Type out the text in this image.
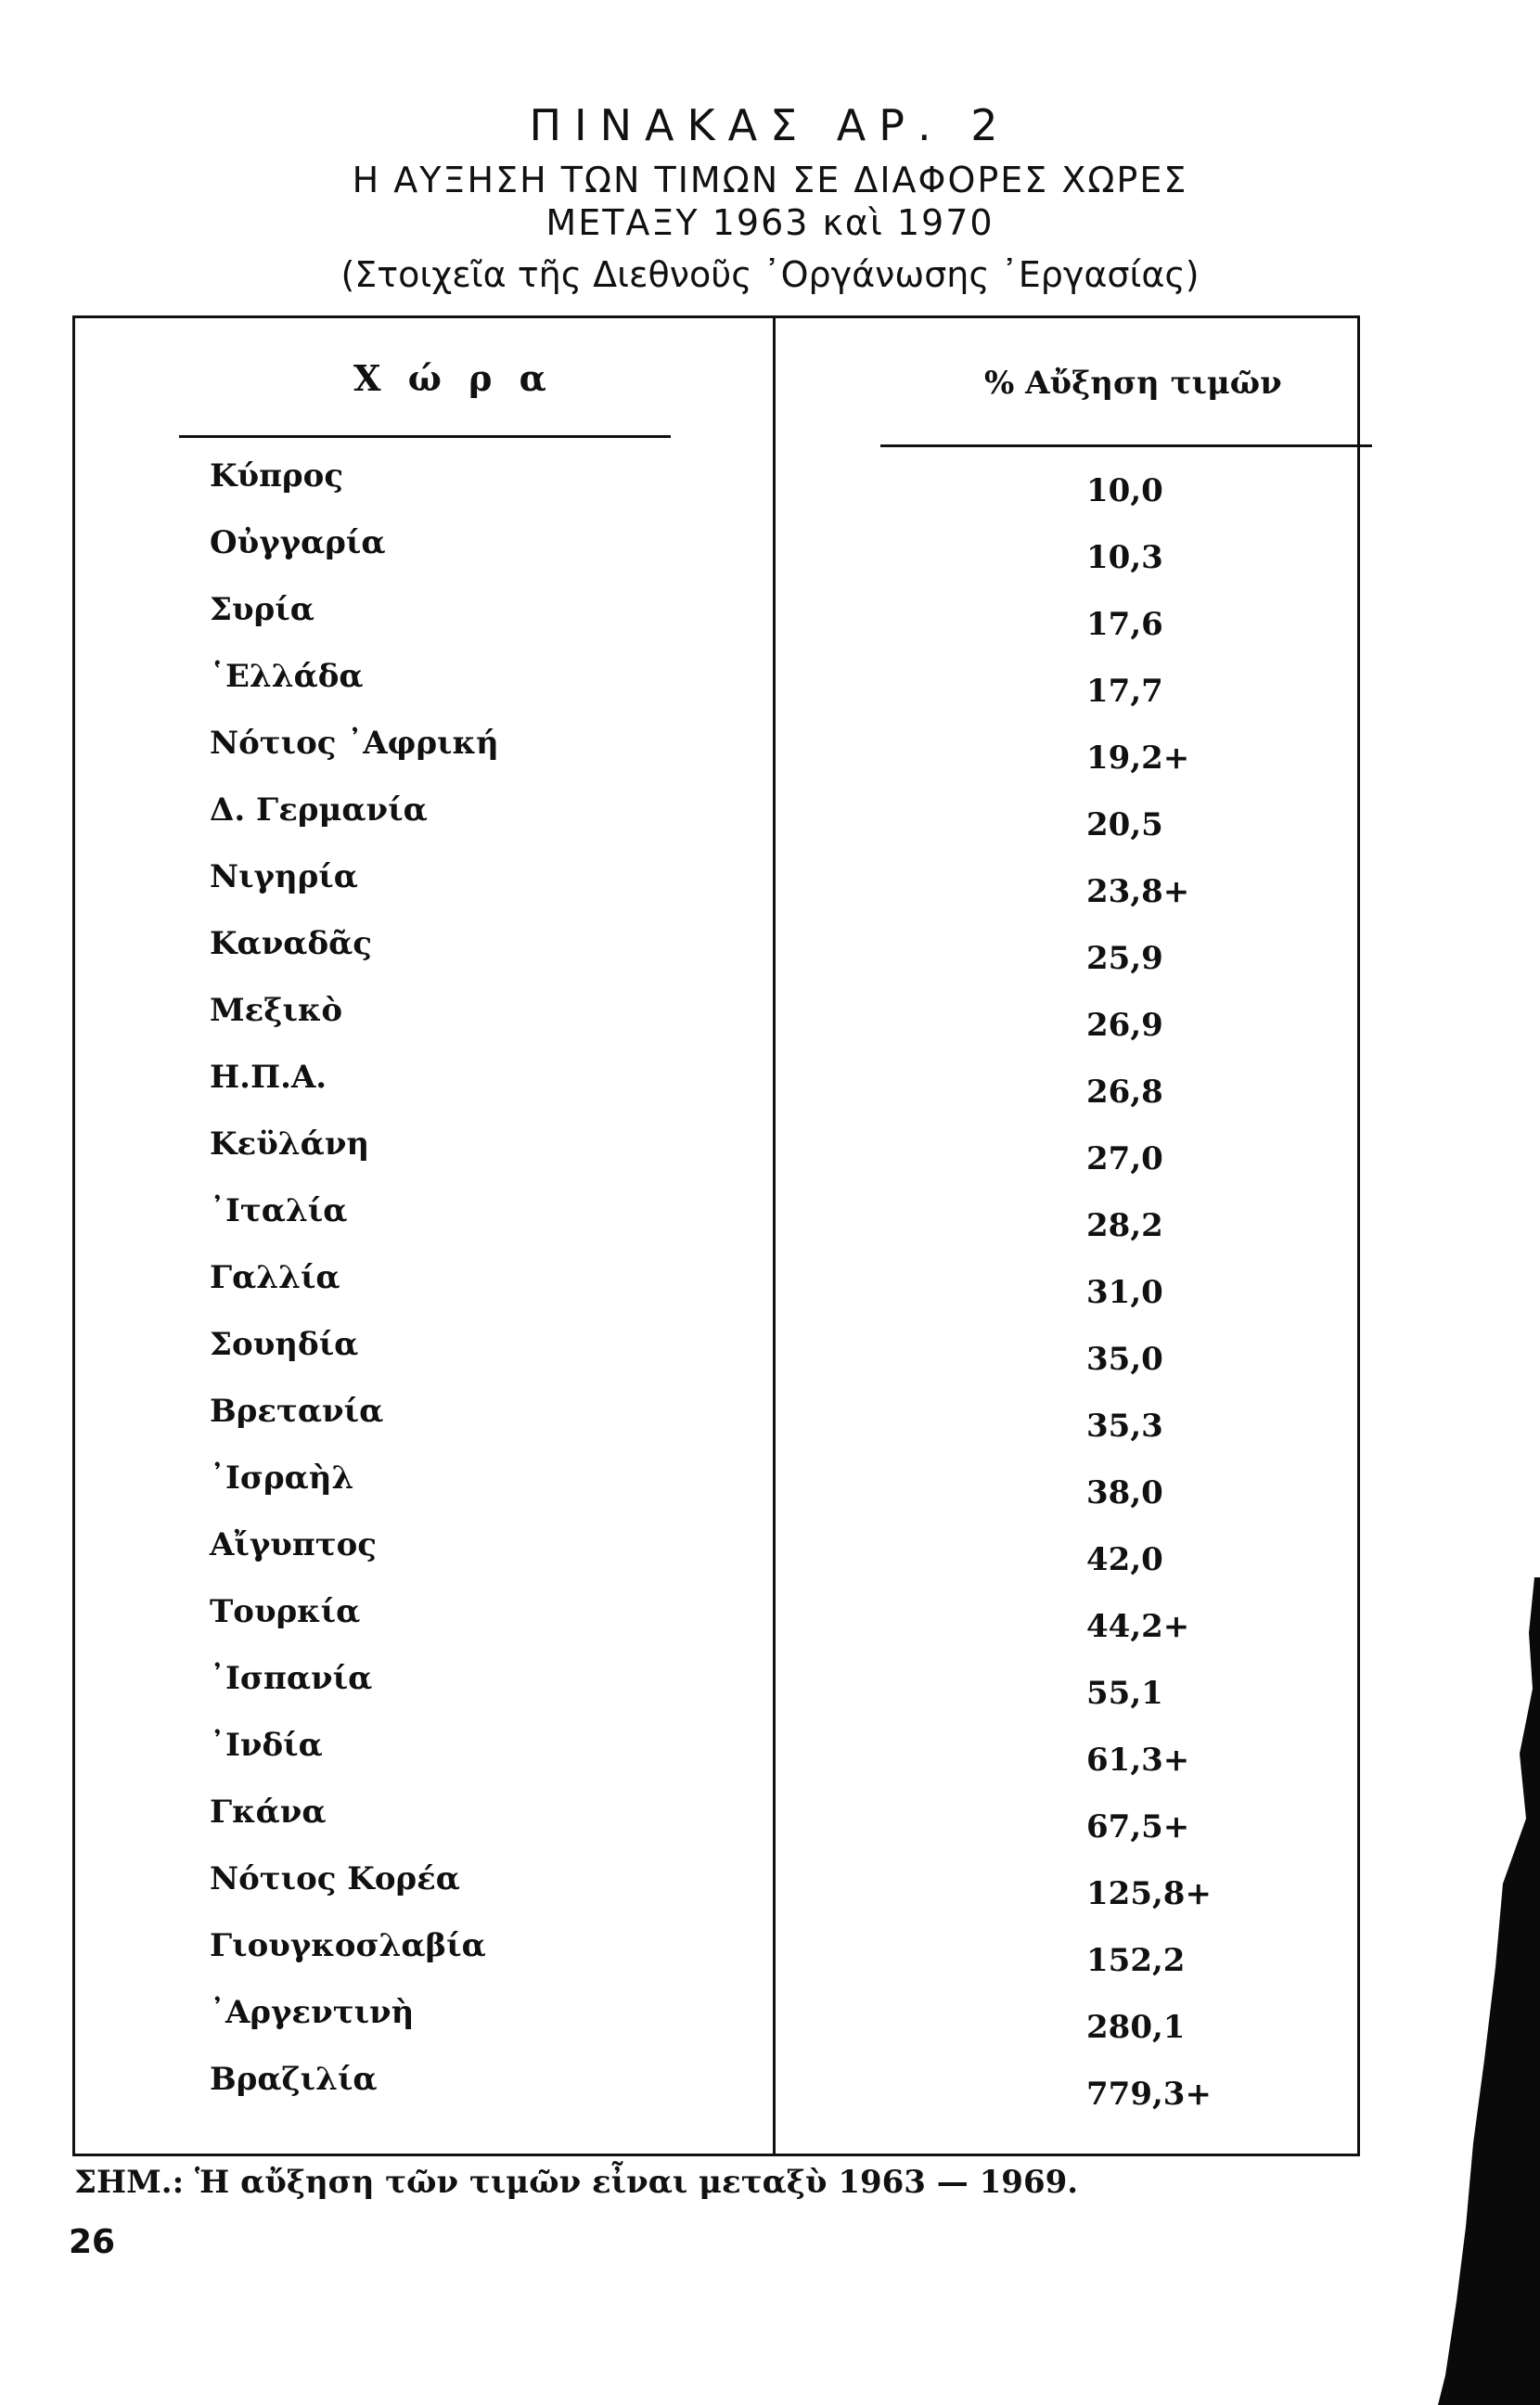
ΠΙΝΑΚΑΣ ΑΡ. 2
Η ΑΥΞΗΣΗ ΤΩΝ ΤΙΜΩΝ ΣΕ ΔΙΑΦΟΡΕΣ ΧΩΡΕΣ
ΜΕΤΑΞΥ 1963 καὶ 1970
(Στοιχεῖα τῆς Διεθνοῦς ᾿Οργάνωσης ᾿Εργασίας)
Χ ώ ρ α	% Αὔξηση τιμῶν
Κύπρος	10,0
Οὐγγαρία	10,3
Συρία	17,6
῾Ελλάδα	17,7
Νότιος ᾿Αφρική	19,2+
Δ. Γερμανία	20,5
Νιγηρία	23,8+
Καναδᾶς	25,9
Μεξικὸ	26,9
Η.Π.Α.	26,8
Κεϋλάνη	27,0
᾿Ιταλία	28,2
Γαλλία	31,0
Σουηδία	35,0
Βρετανία	35,3
᾿Ισραὴλ	38,0
Αἴγυπτος	42,0
Τουρκία	44,2+
᾿Ισπανία	55,1
᾿Ινδία	61,3+
Γκάνα	67,5+
Νότιος Κορέα	125,8+
Γιουγκοσλαβία	152,2
᾿Αργεντινὴ	280,1
Βραζιλία	779,3+
ΣΗΜ.: Ἡ αὔξηση τῶν τιμῶν εἶναι μεταξὺ 1963 — 1969.
26
